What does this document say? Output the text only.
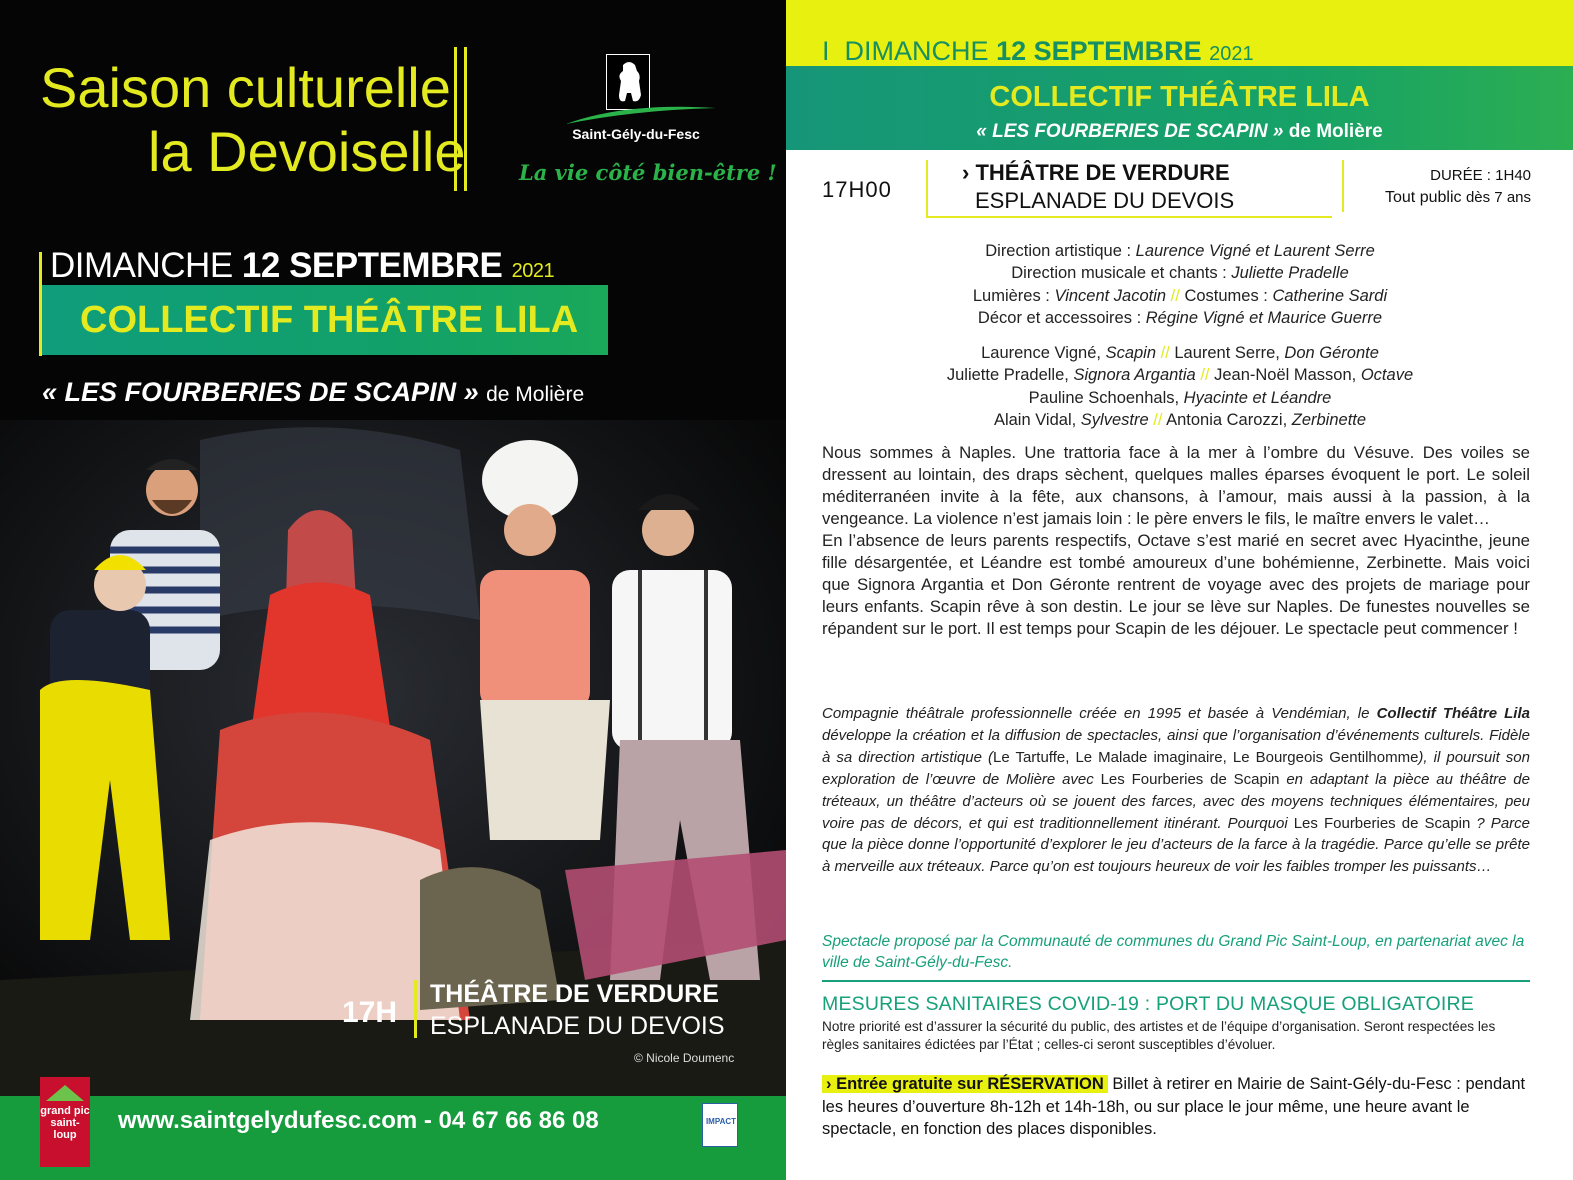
Saison culturelle
la Devoiselle	Saint-Gély-du-Fesc
La vie côté bien-être !
DIMANCHE 12 SEPTEMBRE 2021
COLLECTIF THÉÂTRE LILA
« LES FOURBERIES DE SCAPIN » de Molière
17H
THÉÂTRE DE VERDURE
ESPLANADE DU DEVOIS
© Nicole Doumenc
grand pic saint-loup
www.saintgelydufesc.com - 04 67 66 86 08	IMPACT
I DIMANCHE 12 SEPTEMBRE 2021
COLLECTIF THÉÂTRE LILA
« LES FOURBERIES DE SCAPIN » de Molière
17H00
› THÉÂTRE DE VERDURE
ESPLANADE DU DEVOIS
DURÉE : 1H40
Tout public dès 7 ans
Direction artistique : Laurence Vigné et Laurent Serre
Direction musicale et chants : Juliette Pradelle
Lumières : Vincent Jacotin // Costumes : Catherine Sardi
Décor et accessoires : Régine Vigné et Maurice Guerre
Laurence Vigné, Scapin // Laurent Serre, Don Géronte
Juliette Pradelle, Signora Argantia // Jean-Noël Masson, Octave
Pauline Schoenhals, Hyacinte et Léandre
Alain Vidal, Sylvestre // Antonia Carozzi, Zerbinette

Nous sommes à Naples. Une trattoria face à la mer à l’ombre du Vésuve. Des voiles se dressent au lointain, des draps sèchent, quelques malles éparses évoquent le port. Le soleil méditerranéen invite à la fête, aux chansons, à l’amour, mais aussi à la passion, à la vengeance. La violence n’est jamais loin : le père envers le fils, le maître envers le valet…

En l’absence de leurs parents respectifs, Octave s’est marié en secret avec Hyacinthe, jeune fille désargentée, et Léandre est tombé amoureux d’une bohémienne, Zerbinette. Mais voici que Signora Argantia et Don Géronte rentrent de voyage avec des projets de mariage pour leurs enfants. Scapin rêve à son destin. Le jour se lève sur Naples. De funestes nouvelles se répandent sur le port. Il est temps pour Scapin de les déjouer. Le spectacle peut commencer !

Compagnie théâtrale professionnelle créée en 1995 et basée à Vendémian, le Collectif Théâtre Lila développe la création et la diffusion de spectacles, ainsi que l’organisation d’événements culturels. Fidèle à sa direction artistique (Le Tartuffe, Le Malade imaginaire, Le Bourgeois Gentilhomme), il poursuit son exploration de l’œuvre de Molière avec Les Fourberies de Scapin en adaptant la pièce au théâtre de tréteaux, un théâtre d’acteurs où se jouent des farces, avec des moyens techniques élémentaires, peu voire pas de décors, et qui est traditionnellement itinérant. Pourquoi Les Fourberies de Scapin ? Parce que la pièce donne l’opportunité d’explorer le jeu d’acteurs de la farce à la tragédie. Parce qu’elle se prête à merveille aux tréteaux. Parce qu’on est toujours heureux de voir les faibles tromper les puissants…
Spectacle proposé par la Communauté de communes du Grand Pic Saint-Loup, en partenariat avec la ville de Saint-Gély-du-Fesc.
MESURES SANITAIRES COVID-19 : PORT DU MASQUE OBLIGATOIRE
Notre priorité est d’assurer la sécurité du public, des artistes et de l’équipe d’organisation. Seront respectées les règles sanitaires édictées par l’État ; celles-ci seront susceptibles d’évoluer.
› Entrée gratuite sur RÉSERVATION Billet à retirer en Mairie de Saint-Gély-du-Fesc : pendant les heures d’ouverture 8h-12h et 14h-18h, ou sur place le jour même, une heure avant le spectacle, en fonction des places disponibles.
